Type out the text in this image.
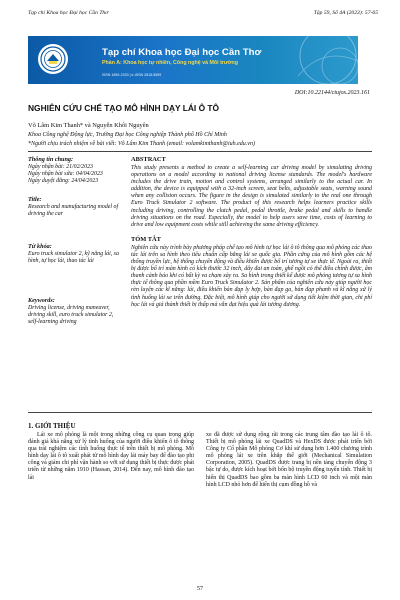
Tạp chí Khoa học Đại học Cần Thơ	Tập 59, Số 4A (2023): 57-65
Tạp chí Khoa học Đại học Cần Thơ
Phần A: Khoa học tự nhiên, Công nghệ và Môi trường
ISSN 1859-2333 | e-ISSN 2815-5599
DOI:10.22144/ctujos.2023.161
NGHIÊN CỨU CHẾ TẠO MÔ HÌNH DẠY LÁI Ô TÔ
Võ Lâm Kim Thanh* và Nguyễn Khôi Nguyên
Khoa Công nghệ Động lực, Trường Đại học Công nghiệp Thành phố Hồ Chí Minh
*Người chịu trách nhiệm về bài viết: Võ Lâm Kim Thanh (email: volamkimthanh@iuh.edu.vn)
Thông tin chung:

Ngày nhận bài: 21/02/2023

Ngày nhận bài sửa: 04/04/2023

Ngày duyệt đăng: 24/04/2023

Title:

Research and manufacturing model of driving the car

Từ khóa:

Euro truck simulator 2, kỹ năng lái, sa hình, tự học lái, thao tác lái

Keywords:

Driving license, driving maneuver, driving skill, euro truck simulator 2, self-learning driving

ABSTRACT

This study presents a method to create a self-learning car driving model by simulating driving operations on a model according to national driving license standards. The model's hardware includes the drive train, motion and control systems, arranged similarly to the actual car. In addition, the device is equipped with a 32-inch screen, seat belts, adjustable seats, warning sound when any collision occurs. The figure in the design is simulated similarly to the real one through Euro Truck Simulator 2 software. The product of this research helps learners practice skills including driving, controlling the clutch pedal, pedal throttle, brake pedal and skills to handle driving situations on the road. Especially, the model to help users save time, costs of learning to drive and low equipment costs while still achieving the same driving efficiency.

TÓM TẮT

Nghiên cứu này trình bày phương pháp chế tạo mô hình tự học lái ô tô thông qua mô phỏng các thao tác lái trên sa hình theo tiêu chuẩn cấp bằng lái xe quốc gia. Phần cứng của mô hình gồm các hệ thống truyền lực, hệ thống chuyển động và điều khiển được bố trí tương tự xe thực tế. Ngoài ra, thiết bị được bổ trí màn hình có kích thước 32 inch, dây đai an toàn, ghế ngồi có thể điều chỉnh được, âm thanh cảnh báo khi có bất kỳ va chạm xảy ra. Sa hình trong thiết kế được mô phỏng tương tự sa hình thực tế thông qua phần mềm Euro Truck Simulator 2. Sản phẩm của nghiên cứu này giúp người học rèn luyện các kĩ năng: lái, điều khiển bàn đạp ly hợp, bàn đạp ga, bàn đạp phanh và kĩ năng xử lý tình huống lái xe trên đường. Đặc biệt, mô hình giúp cho người sử dụng tiết kiệm thời gian, chi phí học lái và giá thành thiết bị thấp mà vẫn đạt hiệu quả lái tương đương.

1. GIỚI THIỆU

Lái xe mô phỏng là một trong những công cụ quan trọng giúp đánh giá khả năng xử lý tình huống của người điều khiển ô tô thông qua trải nghiệm các tình huống thực tế trên thiết bị mô phỏng. Mô hình dạy lái ô tô xuất phát từ mô hình dạy lái máy bay để đào tạo phi công và giảm chi phí vận hành so với sử dụng thiết bị thực được phát triển từ những năm 1910 (Hassan, 2014). Đến nay, mô hình đào tạo lái

xe đã được sử dụng rộng rãi trong các trung tâm đào tạo lái ô tô. Thiết bị mô phỏng lái xe QuadDS và HexDS được phát triển bởi Công ty Cổ phần Mô phỏng Cơ khí sử dụng hơn 1.400 chương trình mô phỏng lái xe trên khắp thế giới (Mechanical Simulation Corporation, 2005). QuadDS được trang bị nền tảng chuyển động 3 bậc tự do, được kích hoạt bởi bốn bộ truyền động tuyến tính. Thiết bị hiển thị QuadDS bao gồm ba màn hình LCD 60 inch và một màn hình LCD nhỏ hơn để hiển thị cụm đồng hồ và

57
